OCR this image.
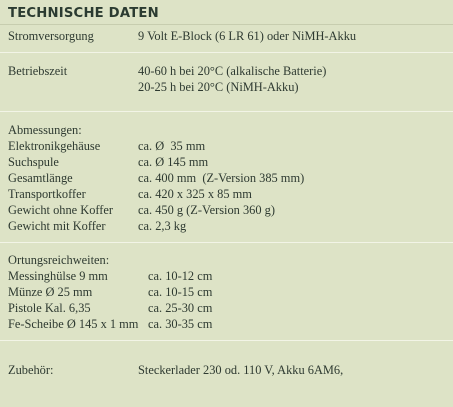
TECHNISCHE DATEN
Stromversorgung	9 Volt E-Block (6 LR 61) oder NiMH-Akku
Betriebszeit	40-60 h bei 20°C (alkalische Batterie)
20-25 h bei 20°C (NiMH-Akku)
Abmessungen:
Elektronikgehäuse	ca. Ø  35 mm
Suchspule	ca. Ø 145 mm
Gesamtlänge	ca. 400 mm  (Z-Version 385 mm)
Transportkoffer	ca. 420 x 325 x 85 mm
Gewicht ohne Koffer	ca. 450 g (Z-Version 360 g)
Gewicht mit Koffer	ca. 2,3 kg
Ortungsreichweiten:
Messinghülse 9 mm	ca. 10-12 cm
Münze Ø 25 mm	ca. 10-15 cm
Pistole Kal. 6,35	ca. 25-30 cm
Fe-Scheibe Ø 145 x 1 mm ca. 30-35 cm
Zubehör:	Steckerlader 230 od. 110 V, Akku 6AM6,
